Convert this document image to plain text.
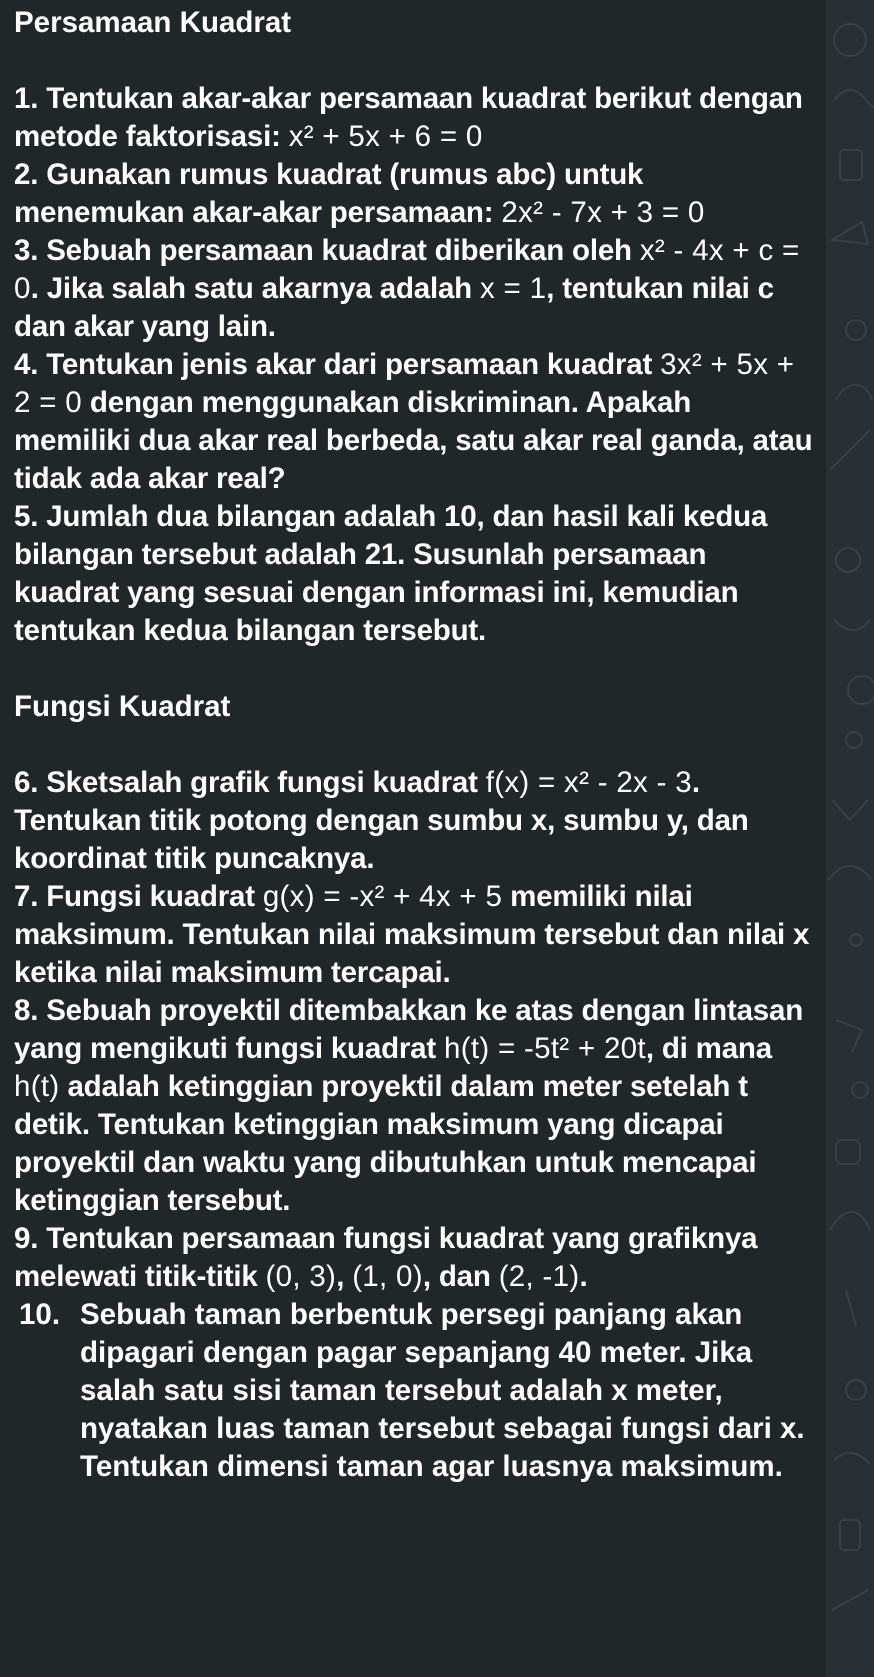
Persamaan Kuadrat

1. Tentukan akar-akar persamaan kuadrat berikut dengan metode faktorisasi: x² + 5x + 6 = 0

2. Gunakan rumus kuadrat (rumus abc) untuk menemukan akar-akar persamaan: 2x² - 7x + 3 = 0

3. Sebuah persamaan kuadrat diberikan oleh x² - 4x + c = 0. Jika salah satu akarnya adalah x = 1, tentukan nilai c dan akar yang lain.

4. Tentukan jenis akar dari persamaan kuadrat 3x² + 5x + 2 = 0 dengan menggunakan diskriminan. Apakah memiliki dua akar real berbeda, satu akar real ganda, atau tidak ada akar real?

5. Jumlah dua bilangan adalah 10, dan hasil kali kedua bilangan tersebut adalah 21. Susunlah persamaan kuadrat yang sesuai dengan informasi ini, kemudian tentukan kedua bilangan tersebut.

Fungsi Kuadrat

6. Sketsalah grafik fungsi kuadrat f(x) = x² - 2x - 3. Tentukan titik potong dengan sumbu x, sumbu y, dan koordinat titik puncaknya.

7. Fungsi kuadrat g(x) = -x² + 4x + 5 memiliki nilai maksimum. Tentukan nilai maksimum tersebut dan nilai x ketika nilai maksimum tercapai.

8. Sebuah proyektil ditembakkan ke atas dengan lintasan yang mengikuti fungsi kuadrat h(t) = -5t² + 20t, di mana h(t) adalah ketinggian proyektil dalam meter setelah t detik. Tentukan ketinggian maksimum yang dicapai proyektil dan waktu yang dibutuhkan untuk mencapai ketinggian tersebut.

9. Tentukan persamaan fungsi kuadrat yang grafiknya melewati titik-titik (0, 3), (1, 0), dan (2, -1).

10. Sebuah taman berbentuk persegi panjang akan dipagari dengan pagar sepanjang 40 meter. Jika salah satu sisi taman tersebut adalah x meter, nyatakan luas taman tersebut sebagai fungsi dari x. Tentukan dimensi taman agar luasnya maksimum.
